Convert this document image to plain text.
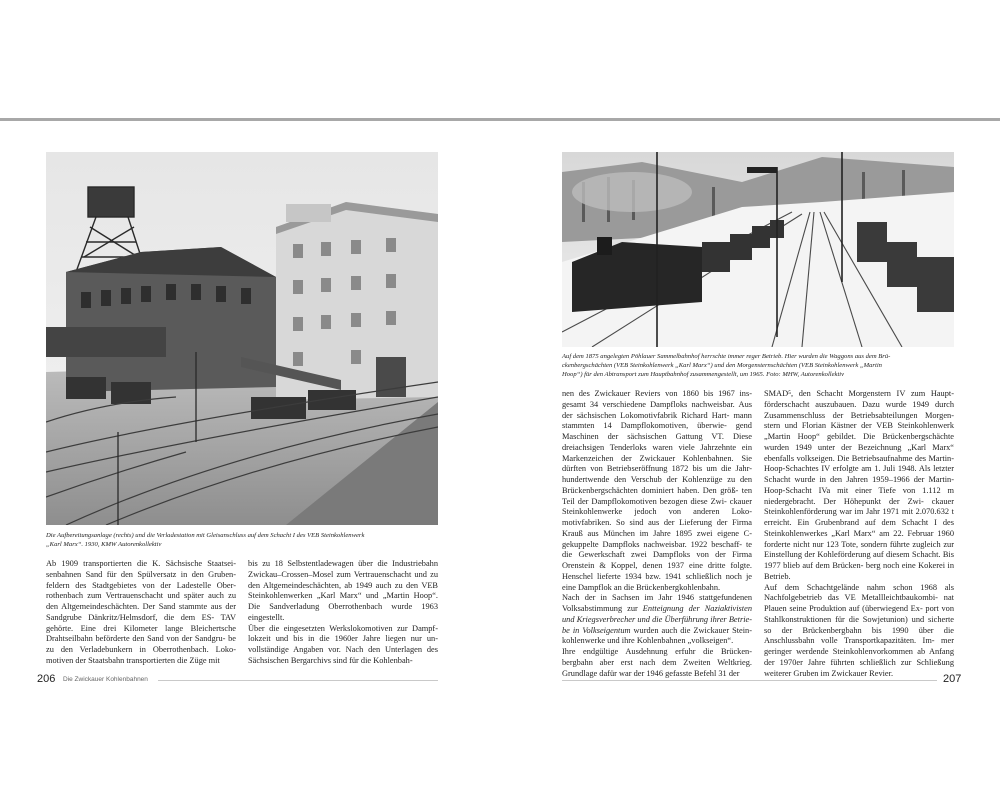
Die Aufbereitungsanlage (rechts) und die Verladestation mit Gleisanschluss auf dem Schacht I des VEB Steinkohlenwerk
„Karl Marx“. 1930, KMW Autorenkollektiv

Ab 1909 transportierten die K. Sächsische Staatsei- senbahnen Sand für den Spülversatz in den Gruben- feldern des Stadtgebietes von der Ladestelle Ober- rothenbach zum Vertrauenschacht und später auch zu den Altgemeindeschächten. Der Sand stammte aus der Sandgrube Dänkritz/Helmsdorf, die dem ES- TAV gehörte. Eine drei Kilometer lange Bleichertsche Drahtseilbahn beförderte den Sand von der Sandgru- be zu den Verladebunkern in Oberrothenbach. Loko- motiven der Staatsbahn transportierten die Züge mit

bis zu 18 Selbstentladewagen über die Industriebahn Zwickau–Crossen–Mosel zum Vertrauenschacht und zu den Altgemeindeschächten, ab 1949 auch zu den VEB Steinkohlenwerken „Karl Marx“ und „Martin Hoop“. Die Sandverladung Oberrothenbach wurde 1963 eingestellt.

Über die eingesetzten Werkslokomotiven zur Dampf- lokzeit und bis in die 1960er Jahre liegen nur un- vollständige Angaben vor. Nach den Unterlagen des Sächsischen Bergarchivs sind für die Kohlenbah-

206 Die Zwickauer Kohlenbahnen

Auf dem 1875 angelegten Pöhlauer Sammelbahnhof herrschte immer reger Betrieb. Hier wurden die Waggons aus dem Brü-
ckenbergschächten (VEB Steinkohlenwerk „Karl Marx“) und den Morgensternschächten (VEB Steinkohlenwerk „Martin
Hoop“) für den Abtransport zum Hauptbahnhof zusammengestellt, um 1965. Foto: MHW, Autorenkollektiv

nen des Zwickauer Reviers von 1860 bis 1967 ins- gesamt 34 verschiedene Dampfloks nachweisbar. Aus der sächsischen Lokomotivfabrik Richard Hart- mann stammten 14 Dampflokomotiven, überwie- gend Maschinen der sächsischen Gattung VT. Diese dreiachsigen Tenderloks waren viele Jahrzehnte ein Markenzeichen der Zwickauer Kohlenbahnen. Sie dürften von Betriebseröffnung 1872 bis um die Jahr- hundertwende den Verschub der Kohlenzüge zu den Brückenbergschächten dominiert haben. Den größ- ten Teil der Dampflokomotiven bezogen diese Zwi- ckauer Steinkohlenwerke jedoch von anderen Loko- motivfabriken. So sind aus der Lieferung der Firma Krauß aus München im Jahre 1895 zwei eigene C- gekuppelte Dampfloks nachweisbar. 1922 beschaff- te die Gewerkschaft zwei Dampfloks von der Firma Orenstein & Koppel, denen 1937 eine dritte folgte. Henschel lieferte 1934 bzw. 1941 schließlich noch je eine Dampflok an die Brückenbergkohlenbahn.

Nach der in Sachsen im Jahr 1946 stattgefundenen Volksabstimmung zur Entteignung der Naziaktivisten und Kriegsverbrecher und die Überführung ihrer Betrie- be in Volkseigentum wurden auch die Zwickauer Stein- kohlenwerke und ihre Kohlenbahnen „volkseigen“.

Ihre endgültige Ausdehnung erfuhr die Brücken- bergbahn aber erst nach dem Zweiten Weltkrieg. Grundlage dafür war der 1946 gefasste Befehl 31 der

SMAD⁵, den Schacht Morgenstern IV zum Haupt- förderschacht auszubauen. Dazu wurde 1949 durch Zusammenschluss der Betriebsabteilungen Morgen- stern und Florian Kästner der VEB Steinkohlenwerk „Martin Hoop“ gebildet. Die Brückenbergschächte wurden 1949 unter der Bezeichnung „Karl Marx“ ebenfalls volkseigen. Die Betriebsaufnahme des Martin-Hoop-Schachtes IV erfolgte am 1. Juli 1948. Als letzter Schacht wurde in den Jahren 1959–1966 der Martin-Hoop-Schacht IVa mit einer Tiefe von 1.112 m niedergebracht. Der Höhepunkt der Zwi- ckauer Steinkohlenförderung war im Jahr 1971 mit 2.070.632 t erreicht. Ein Grubenbrand auf dem Schacht I des Steinkohlenwerkes „Karl Marx“ am 22. Februar 1960 forderte nicht nur 123 Tote, sondern führte zugleich zur Einstellung der Kohleförderung auf diesem Schacht. Bis 1977 blieb auf dem Brücken- berg noch eine Kokerei in Betrieb.

Auf dem Schachtgelände nahm schon 1968 als Nachfolgebetrieb das VE Metallleichtbaukombi- nat Plauen seine Produktion auf (überwiegend Ex- port von Stahlkonstruktionen für die Sowjetunion) und sicherte so der Brückenbergbahn bis 1990 über die Anschlussbahn volle Transportkapazitäten. Im- mer geringer werdende Steinkohlenvorkommen ab Anfang der 1970er Jahre führten schließlich zur Schließung weiterer Gruben im Zwickauer Revier.	207
